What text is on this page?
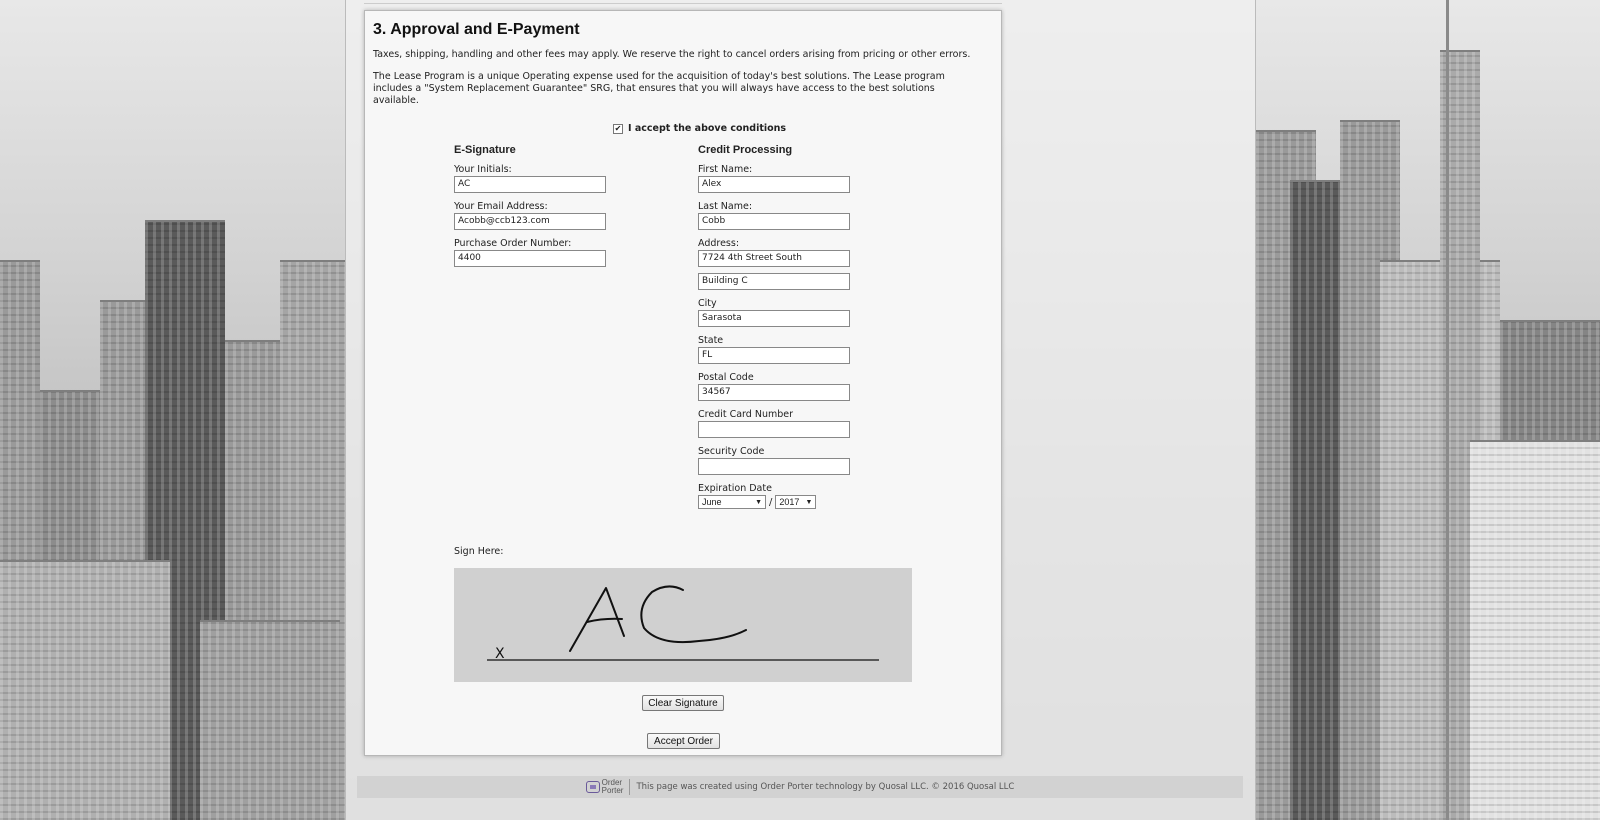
3. Approval and E-Payment
Taxes, shipping, handling and other fees may apply. We reserve the right to cancel orders arising from pricing or other errors.
The Lease Program is a unique Operating expense used for the acquisition of today's best solutions. The Lease program includes a "System Replacement Guarantee" SRG, that ensures that you will always have access to the best solutions available.
✔ I accept the above conditions
E-Signature
Your Initials:
AC
Your Email Address:
Acobb@ccb123.com
Purchase Order Number:
4400
Credit Processing
First Name:
Alex
Last Name:
Cobb
Address:
7724 4th Street South
Building C
City
Sarasota
State
FL
Postal Code
34567
Credit Card Number
Security Code
Expiration Date
June	▼ / 2017 ▼
Sign Here:
X
Clear Signature
Accept Order
Order
Porter This page was created using Order Porter technology by Quosal LLC. © 2016 Quosal LLC
